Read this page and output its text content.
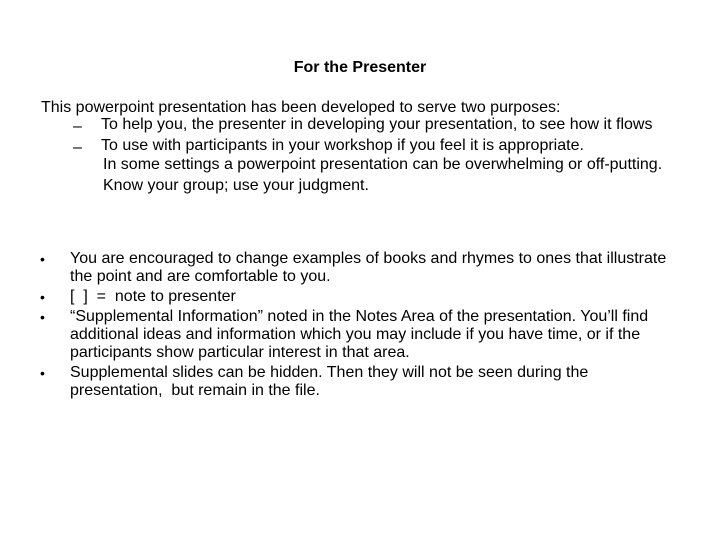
For the Presenter
This powerpoint presentation has been developed to serve two purposes:
– To help you, the presenter in developing your presentation, to see how it flows
– To use with participants in your workshop if you feel it is appropriate.
In some settings a powerpoint presentation can be overwhelming or off-putting. Know your group; use your judgment.
• You are encouraged to change examples of books and rhymes to ones that illustrate the point and are comfortable to you.
• [  ]  =  note to presenter
• “Supplemental Information” noted in the Notes Area of the presentation. You’ll find additional ideas and information which you may include if you have time, or if the participants show particular interest in that area.
• Supplemental slides can be hidden. Then they will not be seen during the presentation,  but remain in the file.
